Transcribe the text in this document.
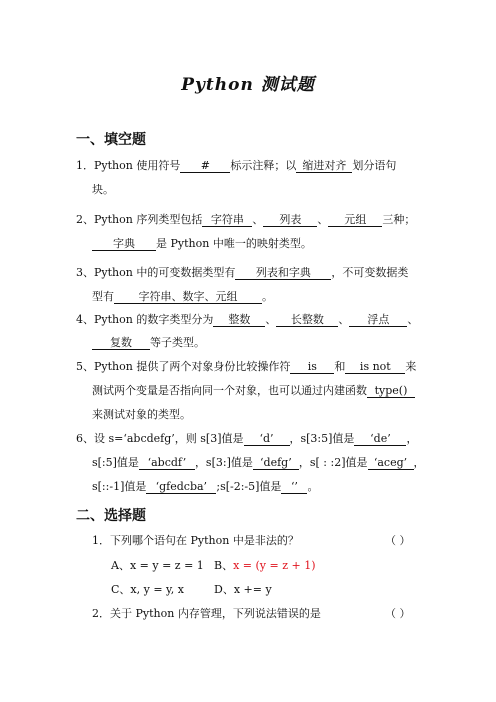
Python 测试题
一、填空题
1．Python 使用符号 # 标示注释；以 缩进对齐 划分语句
块。
2、Python 序列类型包括 字符串 、 列表 、 元组 三种；
字典 是 Python 中唯一的映射类型。
3、Python 中的可变数据类型有 列表和字典 ，不可变数据类
型有 字符串、数字、元组 。
4、Python 的数字类型分为 整数 、 长整数 、 浮点 、
复数 等子类型。
5、Python 提供了两个对象身份比较操作符 is 和 is not 来
测试两个变量是否指向同一个对象，也可以通过内建函数 type()
来测试对象的类型。
6、设 s=‘abcdefg’，则 s[3]值是 ‘d’ ，s[3:5]值是 ‘de’ ，
s[:5]值是 ‘abcdf’ ，s[3:]值是 ‘defg’ ，s[ : :2]值是 ‘aceg’ ，
s[::-1]值是 ‘gfedcba’ ;s[-2:-5]值是 ‘’ 。
二、选择题
1．下列哪个语句在 Python 中是非法的？	（ ）
A、x = y = z = 1 B、x = (y = z + 1)
C、x, y = y, x	D、x += y
2．关于 Python 内存管理，下列说法错误的是	（ ）
